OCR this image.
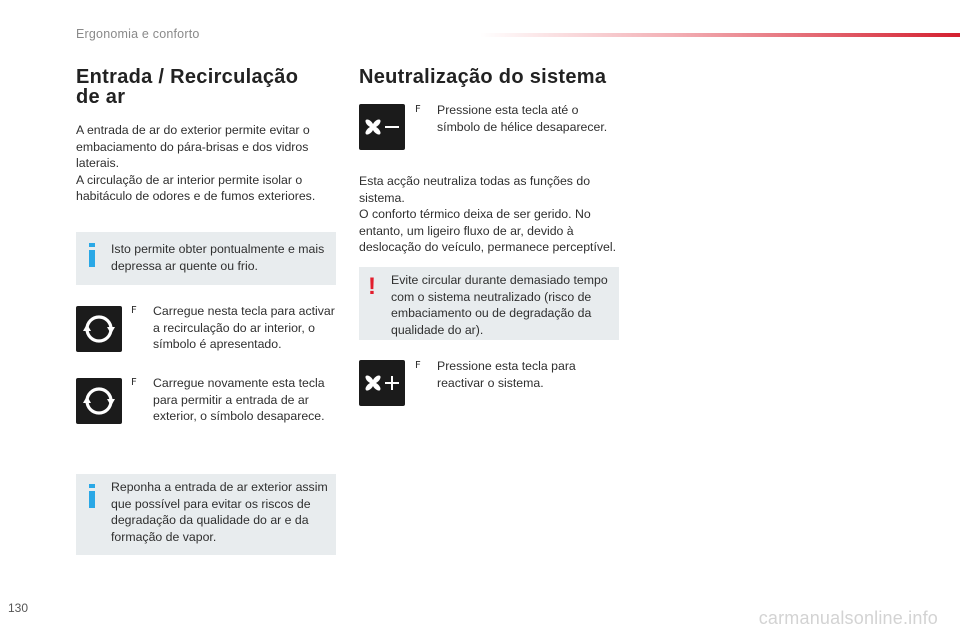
Ergonomia e conforto
Entrada / Recirculação de ar

A entrada de ar do exterior permite evitar o

embaciamento do pára-brisas e dos vidros

laterais.

A circulação de ar interior permite isolar o

habitáculo de odores e de fumos exteriores.

Isto permite obter pontualmente e mais
depressa ar quente ou frio.
F Carregue nesta tecla para activar
a recirculação do ar interior, o
símbolo é apresentado.
F Carregue novamente esta tecla
para permitir a entrada de ar
exterior, o símbolo desaparece.
Reponha a entrada de ar exterior assim
que possível para evitar os riscos de
degradação da qualidade do ar e da
formação de vapor.
Neutralização do sistema
F Pressione esta tecla até o
símbolo de hélice desaparecer.

Esta acção neutraliza todas as funções do

sistema.

O conforto térmico deixa de ser gerido. No

entanto, um ligeiro fluxo de ar, devido à

deslocação do veículo, permanece perceptível.

! Evite circular durante demasiado tempo
com o sistema neutralizado (risco de
embaciamento ou de degradação da
qualidade do ar).
F Pressione esta tecla para
reactivar o sistema.
130	carmanualsonline.info
